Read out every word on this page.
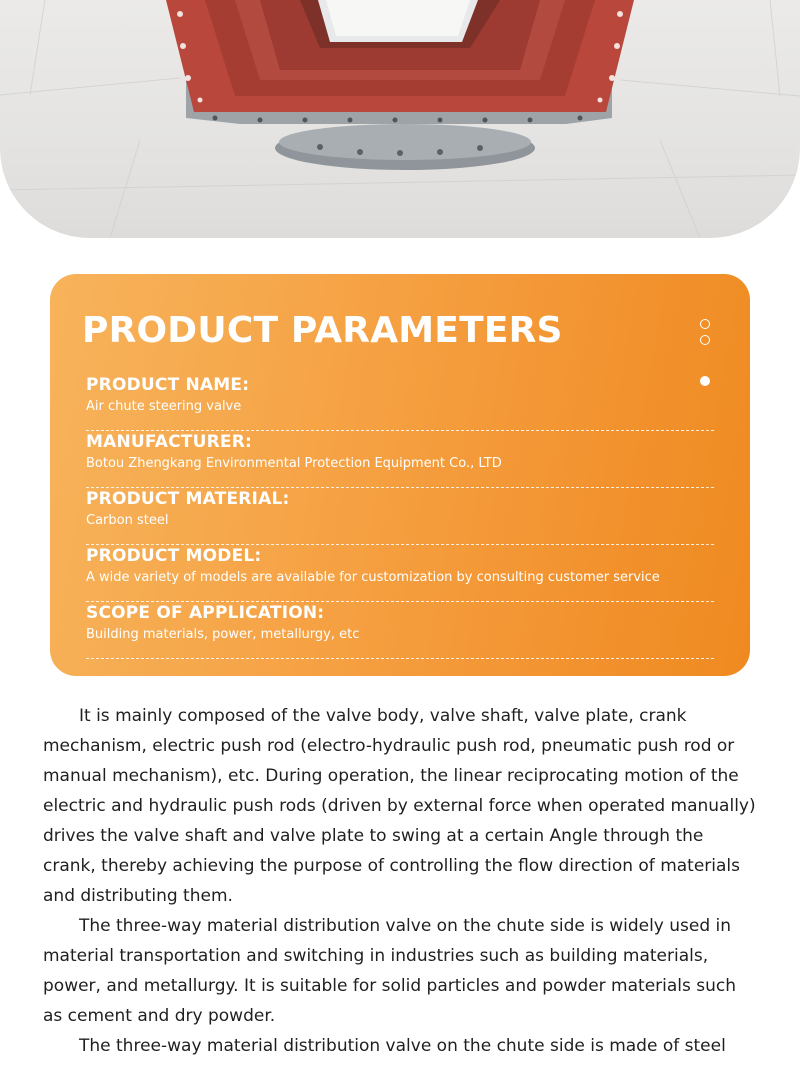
PRODUCT PARAMETERS
PRODUCT NAME:
Air chute steering valve
MANUFACTURER:
Botou Zhengkang Environmental Protection Equipment Co., LTD
PRODUCT MATERIAL:
Carbon steel
PRODUCT MODEL:
A wide variety of models are available for customization by consulting customer service
SCOPE OF APPLICATION:
Building materials, power, metallurgy, etc

It is mainly composed of the valve body, valve shaft, valve plate, crank mechanism, electric push rod (electro-hydraulic push rod, pneumatic push rod or manual mechanism), etc. During operation, the linear reciprocating motion of the electric and hydraulic push rods (driven by external force when operated manually) drives the valve shaft and valve plate to swing at a certain Angle through the crank, thereby achieving the purpose of controlling the flow direction of materials and distributing them.

The three-way material distribution valve on the chute side is widely used in material transportation and switching in industries such as building materials, power, and metallurgy. It is suitable for solid particles and powder materials such as cement and dry powder.

The three-way material distribution valve on the chute side is made of steel
